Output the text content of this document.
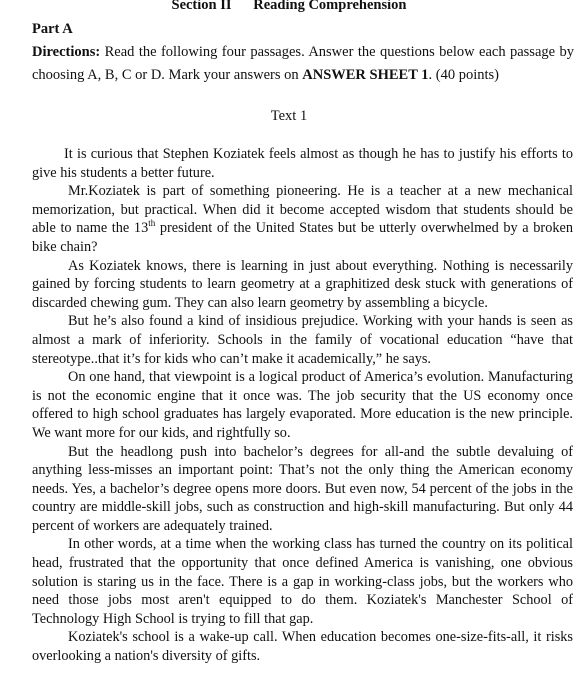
Section II      Reading Comprehension
Part A
Directions: Read the following four passages. Answer the questions below each passage by choosing A, B, C or D. Mark your answers on ANSWER SHEET 1. (40 points)
Text 1

It is curious that Stephen Koziatek feels almost as though he has to justify his efforts to give his students a better future.

Mr.Koziatek is part of something pioneering. He is a teacher at a new mechanical memorization, but practical. When did it become accepted wisdom that students should be able to name the 13th president of the United States but be utterly overwhelmed by a broken bike chain?

As Koziatek knows, there is learning in just about everything. Nothing is necessarily gained by forcing students to learn geometry at a graphitized desk stuck with generations of discarded chewing gum. They can also learn geometry by assembling a bicycle.

But he’s also found a kind of insidious prejudice. Working with your hands is seen as almost a mark of inferiority. Schools in the family of vocational education “have that stereotype..that it’s for kids who can’t make it academically,” he says.

On one hand, that viewpoint is a logical product of America’s evolution. Manufacturing is not the economic engine that it once was. The job security that the US economy once offered to high school graduates has largely evaporated. More education is the new principle. We want more for our kids, and rightfully so.

But the headlong push into bachelor’s degrees for all-and the subtle devaluing of anything less-misses an important point: That’s not the only thing the American economy needs. Yes, a bachelor’s degree opens more doors. But even now, 54 percent of the jobs in the country are middle-skill jobs, such as construction and high-skill manufacturing. But only 44 percent of workers are adequately trained.

In other words, at a time when the working class has turned the country on its political head, frustrated that the opportunity that once defined America is vanishing, one obvious solution is staring us in the face. There is a gap in working-class jobs, but the workers who need those jobs most aren't equipped to do them. Koziatek's Manchester School of Technology High School is trying to fill that gap.

Koziatek's school is a wake-up call. When education becomes one-size-fits-all, it risks overlooking a nation's diversity of gifts.
